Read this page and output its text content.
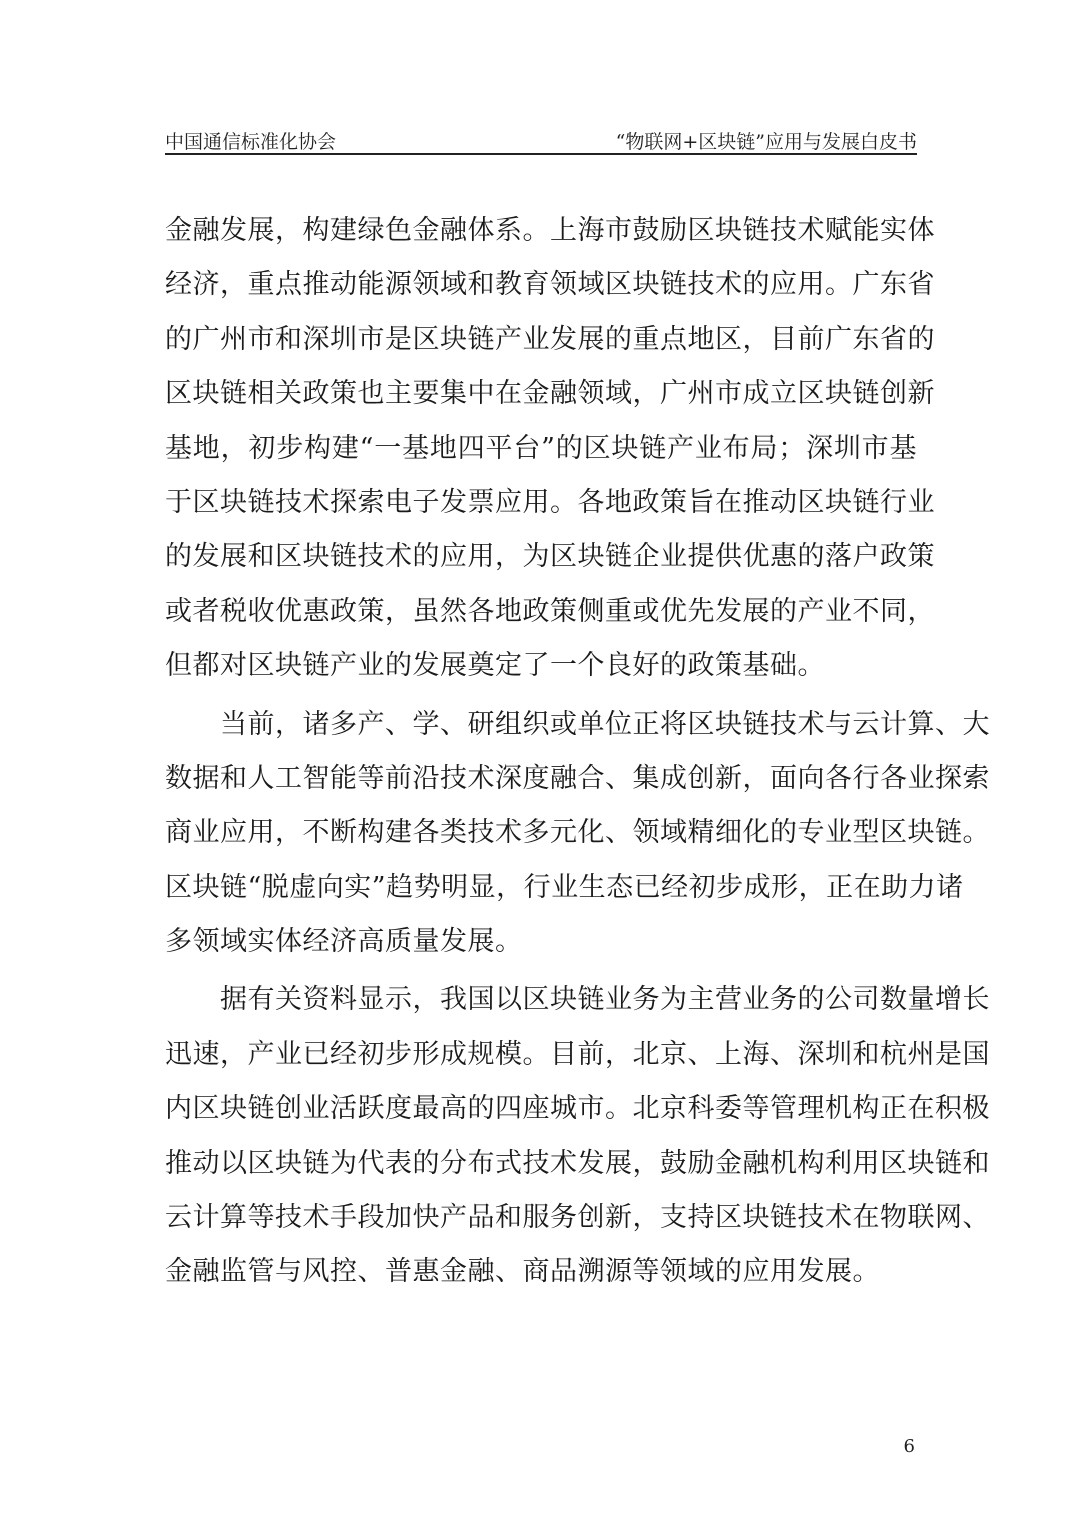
中国通信标准化协会	“物联网+区块链”应用与发展白皮书
金融发展，构建绿色金融体系。上海市鼓励区块链技术赋能实体
经济，重点推动能源领域和教育领域区块链技术的应用。广东省
的广州市和深圳市是区块链产业发展的重点地区，目前广东省的
区块链相关政策也主要集中在金融领域，广州市成立区块链创新
基地，初步构建“一基地四平台”的区块链产业布局；深圳市基
于区块链技术探索电子发票应用。各地政策旨在推动区块链行业
的发展和区块链技术的应用，为区块链企业提供优惠的落户政策
或者税收优惠政策，虽然各地政策侧重或优先发展的产业不同，
但都对区块链产业的发展奠定了一个良好的政策基础。
　　当前，诸多产、学、研组织或单位正将区块链技术与云计算、大
数据和人工智能等前沿技术深度融合、集成创新，面向各行各业探索
商业应用，不断构建各类技术多元化、领域精细化的专业型区块链。
区块链“脱虚向实”趋势明显，行业生态已经初步成形，正在助力诸
多领域实体经济高质量发展。
　　据有关资料显示，我国以区块链业务为主营业务的公司数量增长
迅速，产业已经初步形成规模。目前，北京、上海、深圳和杭州是国
内区块链创业活跃度最高的四座城市。北京科委等管理机构正在积极
推动以区块链为代表的分布式技术发展，鼓励金融机构利用区块链和
云计算等技术手段加快产品和服务创新，支持区块链技术在物联网、
金融监管与风控、普惠金融、商品溯源等领域的应用发展。
6
